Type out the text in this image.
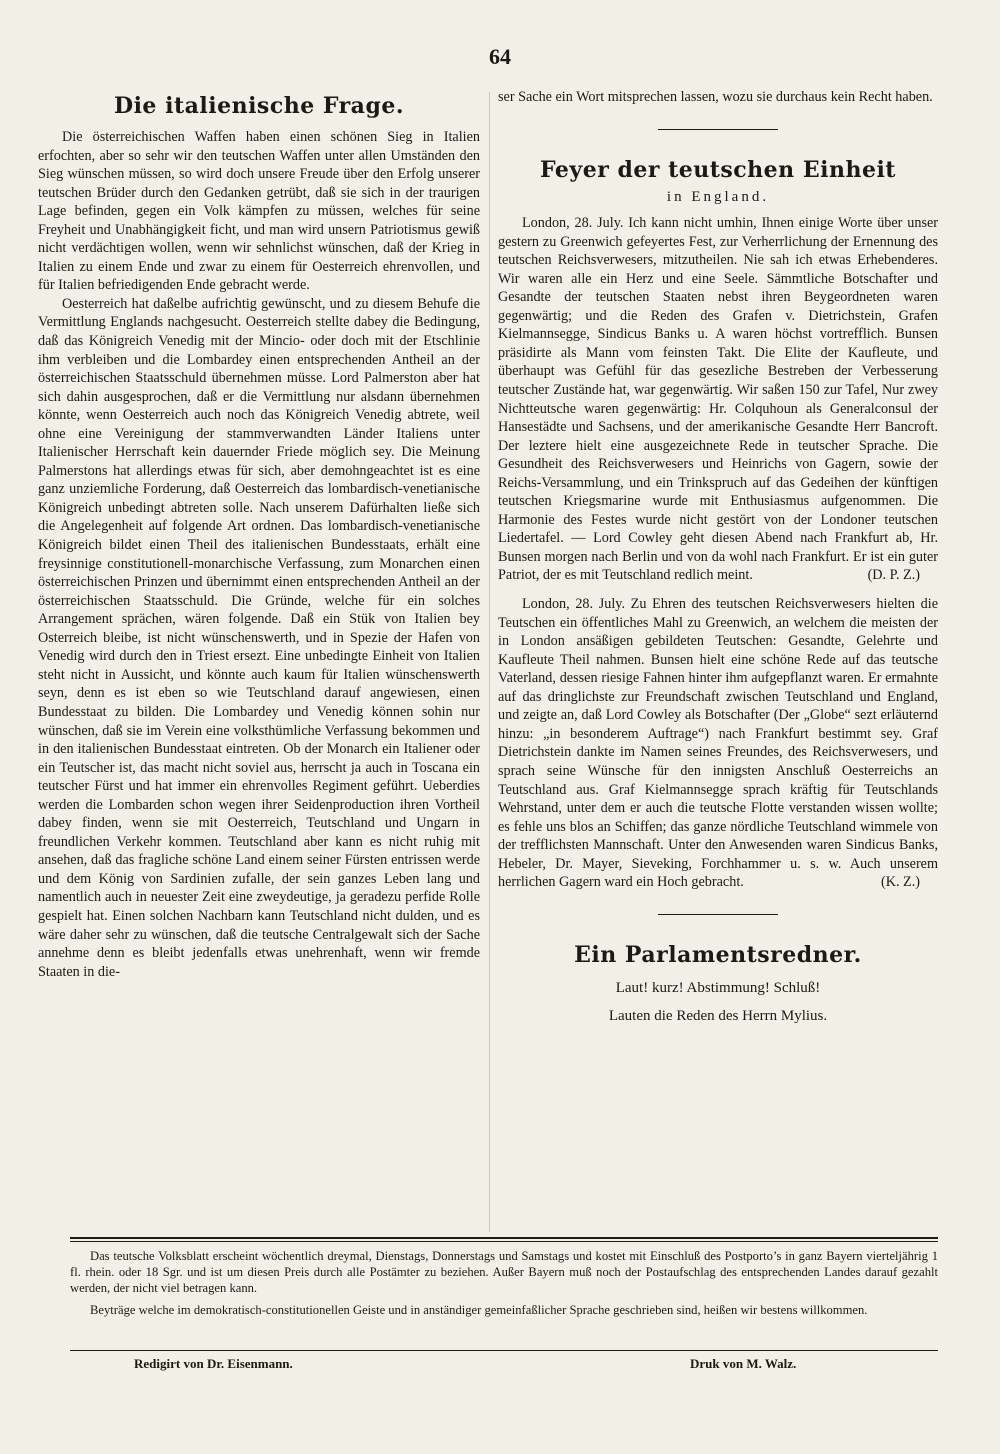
64
Die italienische Frage.

Die österreichischen Waffen haben einen schönen Sieg in Italien erfochten, aber so sehr wir den teutschen Waffen unter allen Umständen den Sieg wünschen müssen, so wird doch unsere Freude über den Erfolg unserer teutschen Brüder durch den Gedanken getrübt, daß sie sich in der traurigen Lage befinden, gegen ein Volk kämpfen zu müssen, welches für seine Freyheit und Unabhängigkeit ficht, und man wird unsern Patriotismus gewiß nicht verdächtigen wollen, wenn wir sehnlichst wünschen, daß der Krieg in Italien zu einem Ende und zwar zu einem für Oesterreich ehrenvollen, und für Italien befriedigenden Ende gebracht werde.

Oesterreich hat daßelbe aufrichtig gewünscht, und zu diesem Behufe die Vermittlung Englands nachgesucht. Oesterreich stellte dabey die Bedingung, daß das Königreich Venedig mit der Mincio- oder doch mit der Etschlinie ihm verbleiben und die Lombardey einen entsprechenden Antheil an der österreichischen Staatsschuld übernehmen müsse. Lord Palmerston aber hat sich dahin ausgesprochen, daß er die Vermittlung nur alsdann übernehmen könnte, wenn Oesterreich auch noch das Königreich Venedig abtrete, weil ohne eine Vereinigung der stammverwandten Länder Italiens unter Italienischer Herrschaft kein dauernder Friede möglich sey. Die Meinung Palmerstons hat allerdings etwas für sich, aber demohngeachtet ist es eine ganz unziemliche Forderung, daß Oesterreich das lombardisch-venetianische Königreich unbedingt abtreten solle. Nach unserem Dafürhalten ließe sich die Angelegenheit auf folgende Art ordnen. Das lombardisch-venetianische Königreich bildet einen Theil des italienischen Bundesstaats, erhält eine freysinnige constitutionell-monarchische Verfassung, zum Monarchen einen österreichischen Prinzen und übernimmt einen entsprechenden Antheil an der österreichischen Staatsschuld. Die Gründe, welche für ein solches Arrangement sprächen, wären folgende. Daß ein Stük von Italien bey Osterreich bleibe, ist nicht wünschenswerth, und in Spezie der Hafen von Venedig wird durch den in Triest ersezt. Eine unbedingte Einheit von Italien steht nicht in Aussicht, und könnte auch kaum für Italien wünschenswerth seyn, denn es ist eben so wie Teutschland darauf angewiesen, einen Bundesstaat zu bilden. Die Lombardey und Venedig können sohin nur wünschen, daß sie im Verein eine volksthümliche Verfassung bekommen und in den italienischen Bundesstaat eintreten. Ob der Monarch ein Italiener oder ein Teutscher ist, das macht nicht soviel aus, herrscht ja auch in Toscana ein teutscher Fürst und hat immer ein ehrenvolles Regiment geführt. Ueberdies werden die Lombarden schon wegen ihrer Seidenproduction ihren Vortheil dabey finden, wenn sie mit Oesterreich, Teutschland und Ungarn in freundlichen Verkehr kommen. Teutschland aber kann es nicht ruhig mit ansehen, daß das fragliche schöne Land einem seiner Fürsten entrissen werde und dem König von Sardinien zufalle, der sein ganzes Leben lang und namentlich auch in neuester Zeit eine zweydeutige, ja geradezu perfide Rolle gespielt hat. Einen solchen Nachbarn kann Teutschland nicht dulden, und es wäre daher sehr zu wünschen, daß die teutsche Centralgewalt sich der Sache annehme denn es bleibt jedenfalls etwas unehrenhaft, wenn wir fremde Staaten in die-

ser Sache ein Wort mitsprechen lassen, wozu sie durchaus kein Recht haben.

Feyer der teutschen Einheit
in England.

London, 28. July. Ich kann nicht umhin, Ihnen einige Worte über unser gestern zu Greenwich gefeyertes Fest, zur Verherrlichung der Ernennung des teutschen Reichsverwesers, mitzutheilen. Nie sah ich etwas Erhebenderes. Wir waren alle ein Herz und eine Seele. Sämmtliche Botschafter und Gesandte der teutschen Staaten nebst ihren Beygeordneten waren gegenwärtig; und die Reden des Grafen v. Dietrichstein, Grafen Kielmannsegge, Sindicus Banks u. A waren höchst vortrefflich. Bunsen präsidirte als Mann vom feinsten Takt. Die Elite der Kaufleute, und überhaupt was Gefühl für das gesezliche Bestreben der Verbesserung teutscher Zustände hat, war gegenwärtig. Wir saßen 150 zur Tafel, Nur zwey Nichtteutsche waren gegenwärtig: Hr. Colquhoun als Generalconsul der Hansestädte und Sachsens, und der amerikanische Gesandte Herr Bancroft. Der leztere hielt eine ausgezeichnete Rede in teutscher Sprache. Die Gesundheit des Reichsverwesers und Heinrichs von Gagern, sowie der Reichs-Versammlung, und ein Trinkspruch auf das Gedeihen der künftigen teutschen Kriegsmarine wurde mit Enthusiasmus aufgenommen. Die Harmonie des Festes wurde nicht gestört von der Londoner teutschen Liedertafel. — Lord Cowley geht diesen Abend nach Frankfurt ab, Hr. Bunsen morgen nach Berlin und von da wohl nach Frankfurt. Er ist ein guter Patriot, der es mit Teutschland redlich meint.	(D. P. Z.)

London, 28. July. Zu Ehren des teutschen Reichsverwesers hielten die Teutschen ein öffentliches Mahl zu Greenwich, an welchem die meisten der in London ansäßigen gebildeten Teutschen: Gesandte, Gelehrte und Kaufleute Theil nahmen. Bunsen hielt eine schöne Rede auf das teutsche Vaterland, dessen riesige Fahnen hinter ihm aufgepflanzt waren. Er ermahnte auf das dringlichste zur Freundschaft zwischen Teutschland und England, und zeigte an, daß Lord Cowley als Botschafter (Der „Globe“ sezt erläuternd hinzu: „in besonderem Auftrage“) nach Frankfurt bestimmt sey. Graf Dietrichstein dankte im Namen seines Freundes, des Reichsverwesers, und sprach seine Wünsche für den innigsten Anschluß Oesterreichs an Teutschland aus. Graf Kielmannsegge sprach kräftig für Teutschlands Wehrstand, unter dem er auch die teutsche Flotte verstanden wissen wollte; es fehle uns blos an Schiffen; das ganze nördliche Teutschland wimmele von der trefflichsten Mannschaft. Unter den Anwesenden waren Sindicus Banks, Hebeler, Dr. Mayer, Sieveking, Forchhammer u. s. w. Auch unserem herrlichen Gagern ward ein Hoch gebracht.	(K. Z.)

Ein Parlamentsredner.
Laut! kurz! Abstimmung! Schluß!
Lauten die Reden des Herrn Mylius.

Das teutsche Volksblatt erscheint wöchentlich dreymal, Dienstags, Donnerstags und Samstags und kostet mit Einschluß des Postporto’s in ganz Bayern vierteljährig 1 fl. rhein. oder 18 Sgr. und ist um diesen Preis durch alle Postämter zu beziehen. Außer Bayern muß noch der Postaufschlag des entsprechenden Landes darauf gezahlt werden, der nicht viel betragen kann.

Beyträge welche im demokratisch-constitutionellen Geiste und in anständiger gemeinfaßlicher Sprache geschrieben sind, heißen wir bestens willkommen.

Redigirt von Dr. Eisenmann.	Druk von M. Walz.
